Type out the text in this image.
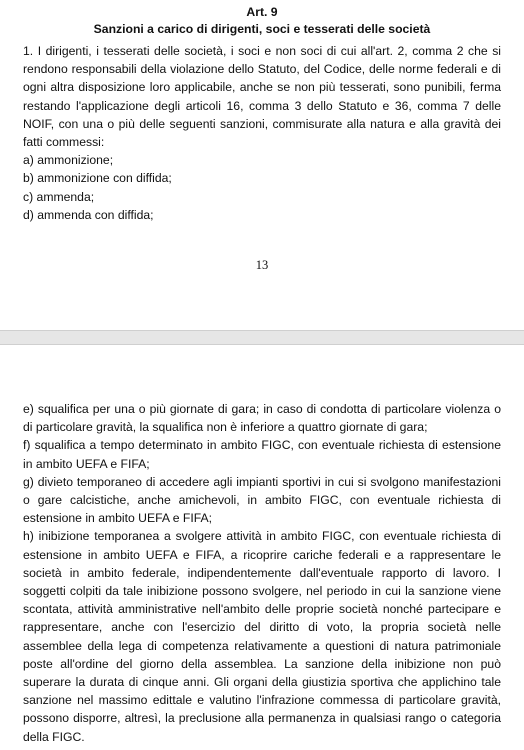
Art. 9
Sanzioni a carico di dirigenti, soci e tesserati delle società

1. I dirigenti, i tesserati delle società, i soci e non soci di cui all'art. 2, comma 2 che si rendono responsabili della violazione dello Statuto, del Codice, delle norme federali e di ogni altra disposizione loro applicabile, anche se non più tesserati, sono punibili, ferma restando l'applicazione degli articoli 16, comma 3 dello Statuto e 36, comma 7 delle NOIF, con una o più delle seguenti sanzioni, commisurate alla natura e alla gravità dei fatti commessi:

a) ammonizione;
b) ammonizione con diffida;
c) ammenda;
d) ammenda con diffida;
13
e) squalifica per una o più giornate di gara; in caso di condotta di particolare violenza o di particolare gravità, la squalifica non è inferiore a quattro giornate di gara;
f) squalifica a tempo determinato in ambito FIGC, con eventuale richiesta di estensione in ambito UEFA e FIFA;
g) divieto temporaneo di accedere agli impianti sportivi in cui si svolgono manifestazioni o gare calcistiche, anche amichevoli, in ambito FIGC, con eventuale richiesta di estensione in ambito UEFA e FIFA;
h) inibizione temporanea a svolgere attività in ambito FIGC, con eventuale richiesta di estensione in ambito UEFA e FIFA, a ricoprire cariche federali e a rappresentare le società in ambito federale, indipendentemente dall'eventuale rapporto di lavoro. I soggetti colpiti da tale inibizione possono svolgere, nel periodo in cui la sanzione viene scontata, attività amministrative nell'ambito delle proprie società nonché partecipare e rappresentare, anche con l'esercizio del diritto di voto, la propria società nelle assemblee della lega di competenza relativamente a questioni di natura patrimoniale poste all'ordine del giorno della assemblea. La sanzione della inibizione non può superare la durata di cinque anni. Gli organi della giustizia sportiva che applichino tale sanzione nel massimo edittale e valutino l'infrazione commessa di particolare gravità, possono disporre, altresì, la preclusione alla permanenza in qualsiasi rango o categoria della FIGC.
